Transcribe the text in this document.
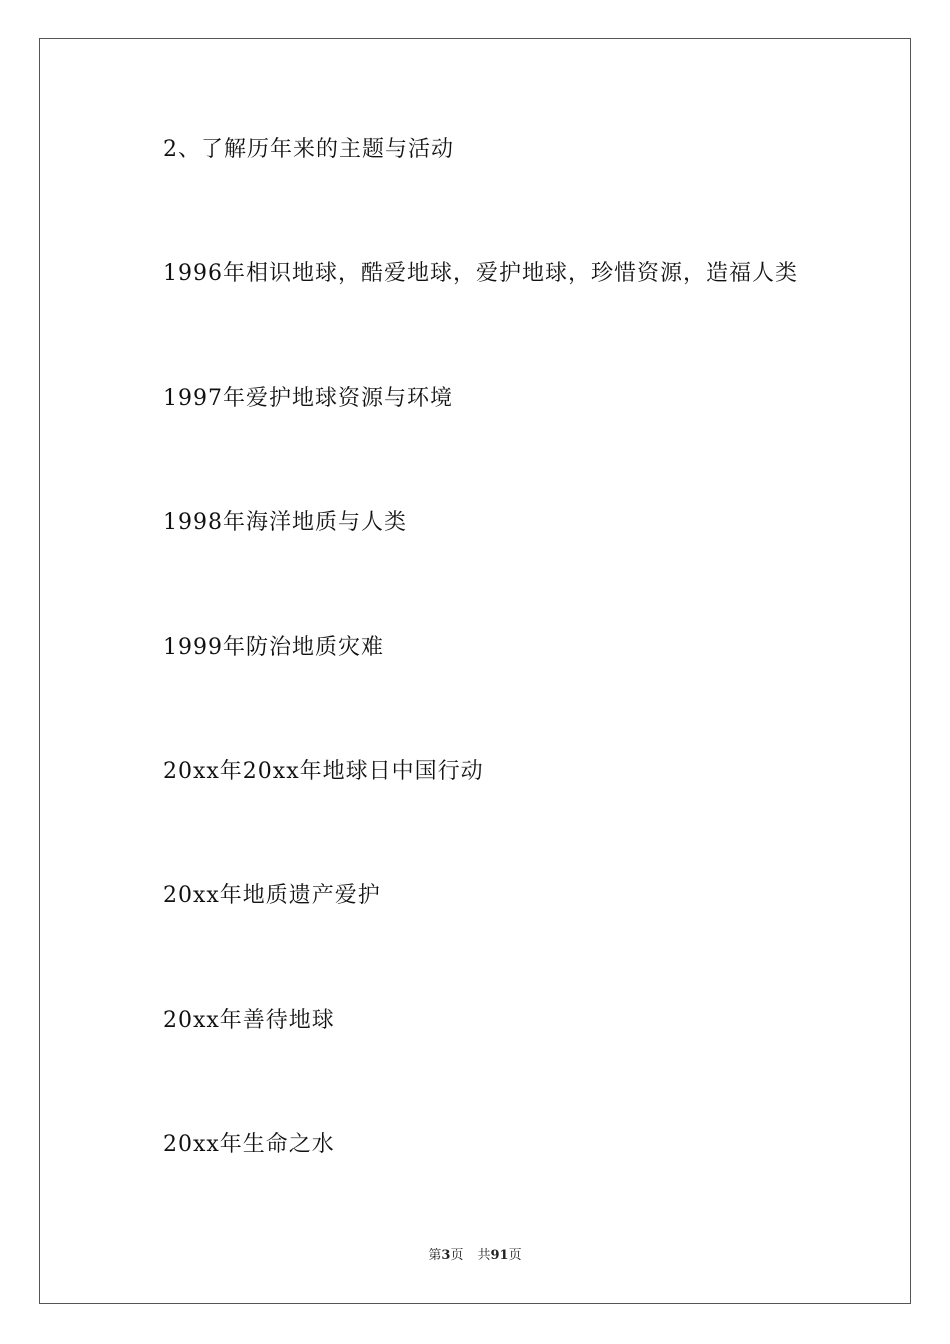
2、了解历年来的主题与活动
1996年相识地球，酷爱地球，爱护地球，珍惜资源，造福人类
1997年爱护地球资源与环境
1998年海洋地质与人类
1999年防治地质灾难
20xx年20xx年地球日中国行动
20xx年地质遗产爱护
20xx年善待地球
20xx年生命之水
第3页 共91页
